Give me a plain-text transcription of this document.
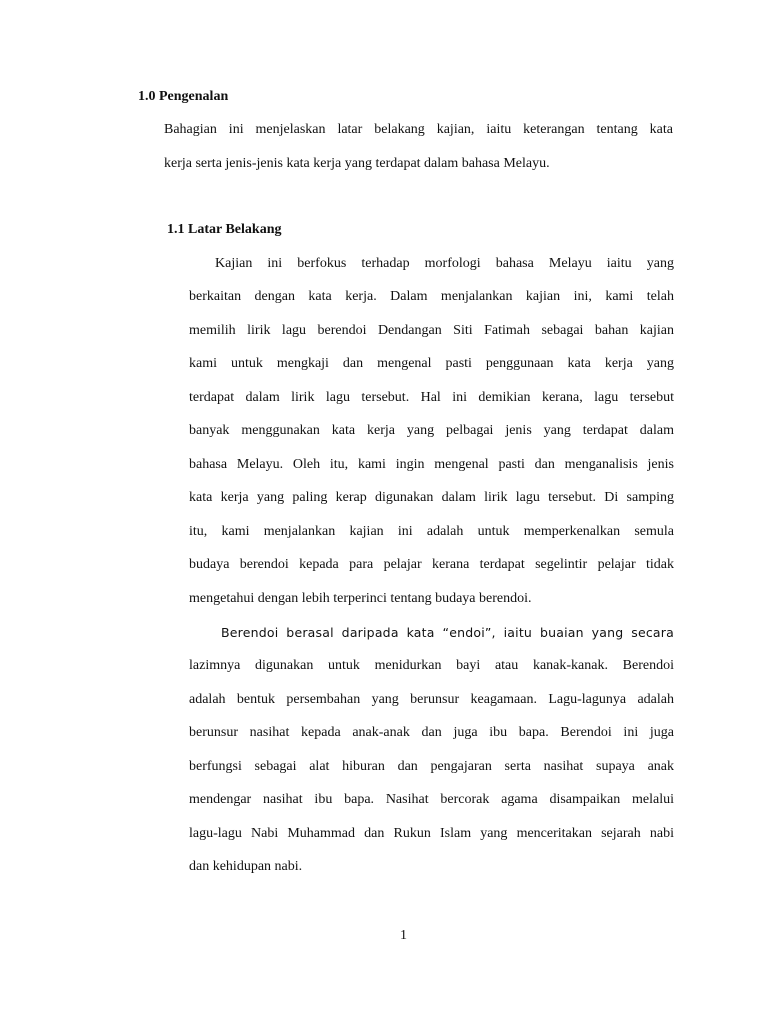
1.0 Pengenalan
Bahagian ini menjelaskan latar belakang kajian, iaitu keterangan tentang kata
kerja serta jenis-jenis kata kerja yang terdapat dalam bahasa Melayu.
1.1 Latar Belakang
Kajian ini berfokus terhadap morfologi bahasa Melayu iaitu yang
berkaitan dengan kata kerja. Dalam menjalankan kajian ini, kami telah
memilih lirik lagu berendoi Dendangan Siti Fatimah sebagai bahan kajian
kami untuk mengkaji dan mengenal pasti penggunaan kata kerja yang
terdapat dalam lirik lagu tersebut. Hal ini demikian kerana, lagu tersebut
banyak menggunakan kata kerja yang pelbagai jenis yang terdapat dalam
bahasa Melayu. Oleh itu, kami ingin mengenal pasti dan menganalisis jenis
kata kerja yang paling kerap digunakan dalam lirik lagu tersebut. Di samping
itu, kami menjalankan kajian ini adalah untuk memperkenalkan semula
budaya berendoi kepada para pelajar kerana terdapat segelintir pelajar tidak
mengetahui dengan lebih terperinci tentang budaya berendoi.
Berendoi berasal daripada kata “endoi”, iaitu buaian yang secara
lazimnya digunakan untuk menidurkan bayi atau kanak-kanak. Berendoi
adalah bentuk persembahan yang berunsur keagamaan. Lagu-lagunya adalah
berunsur nasihat kepada anak-anak dan juga ibu bapa. Berendoi ini juga
berfungsi sebagai alat hiburan dan pengajaran serta nasihat supaya anak
mendengar nasihat ibu bapa. Nasihat bercorak agama disampaikan melalui
lagu-lagu Nabi Muhammad dan Rukun Islam yang menceritakan sejarah nabi
dan kehidupan nabi.
1
